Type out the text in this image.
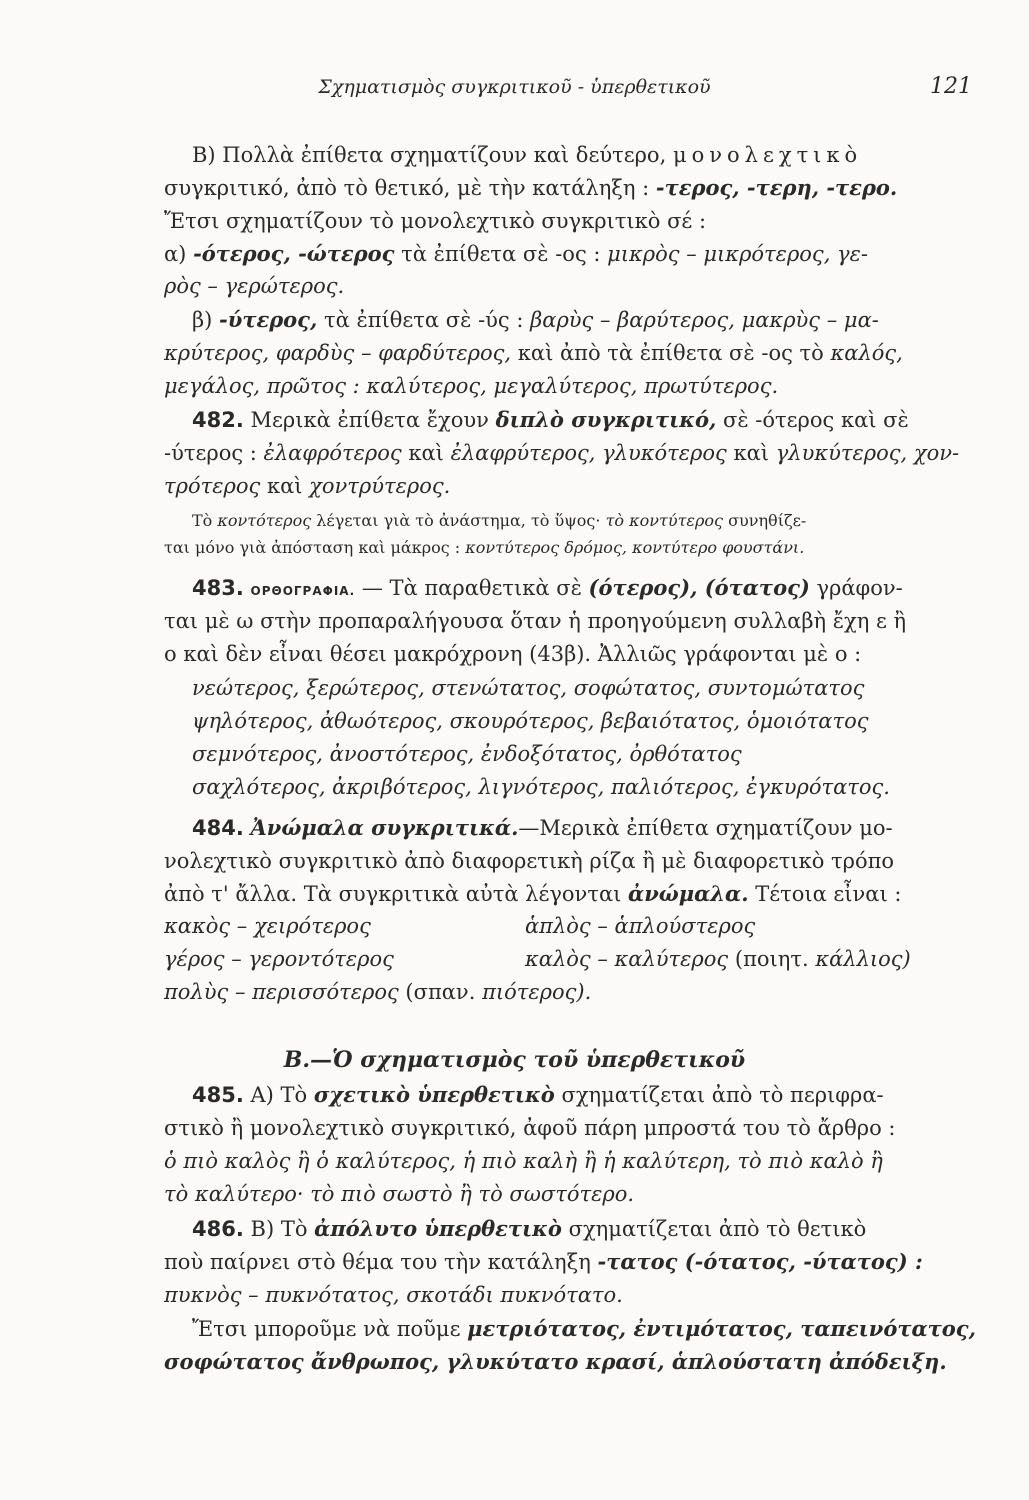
Σχηματισμὸς συγκριτικοῦ - ὑπερθετικοῦ	121
Β) Πολλὰ ἐπίθετα σχηματίζουν καὶ δεύτερο, μονολεχτικὸ
συγκριτικό, ἀπὸ τὸ θετικό, μὲ τὴν κατάληξη : -τερος, -τερη, -τερο.
Ἔτσι σχηματίζουν τὸ μονολεχτικὸ συγκριτικὸ σέ :
α) -ότερος, -ώτερος τὰ ἐπίθετα σὲ -ος : μικρὸς – μικρότερος, γε-
ρὸς – γερώτερος.
β) -ύτερος, τὰ ἐπίθετα σὲ -ύς : βαρὺς – βαρύτερος, μακρὺς – μα-
κρύτερος, φαρδὺς – φαρδύτερος, καὶ ἀπὸ τὰ ἐπίθετα σὲ -ος τὸ καλός,
μεγάλος, πρῶτος : καλύτερος, μεγαλύτερος, πρωτύτερος.
482. Μερικὰ ἐπίθετα ἔχουν διπλὸ συγκριτικό, σὲ -ότερος καὶ σὲ
-ύτερος : ἐλαφρότερος καὶ ἐλαφρύτερος, γλυκότερος καὶ γλυκύτερος, χον-
τρότερος καὶ χοντρύτερος.
Τὸ κοντότερος λέγεται γιὰ τὸ ἀνάστημα, τὸ ὕψος· τὸ κοντύτερος συνηθίζε-
ται μόνο γιὰ ἀπόσταση καὶ μάκρος : κοντύτερος δρόμος, κοντύτερο φουστάνι.
483. ΟΡΘΟΓΡΑΦΙΑ. — Τὰ παραθετικὰ σὲ (ότερος), (ότατος) γράφον-
ται μὲ ω στὴν προπαραλήγουσα ὅταν ἡ προηγούμενη συλλαβὴ ἔχη ε ἢ
ο καὶ δὲν εἶναι θέσει μακρόχρονη (43β). Ἀλλιῶς γράφονται μὲ ο :
νεώτερος, ξερώτερος, στενώτατος, σοφώτατος, συντομώτατος
ψηλότερος, ἀθωότερος, σκουρότερος, βεβαιότατος, ὁμοιότατος
σεμνότερος, ἀνοστότερος, ἐνδοξότατος, ὀρθότατος
σαχλότερος, ἀκριβότερος, λιγνότερος, παλιότερος, ἐγκυρότατος.
484. Ἀνώμαλα συγκριτικά.—Μερικὰ ἐπίθετα σχηματίζουν μο-
νολεχτικὸ συγκριτικὸ ἀπὸ διαφορετικὴ ρίζα ἢ μὲ διαφορετικὸ τρόπο
ἀπὸ τ' ἄλλα. Τὰ συγκριτικὰ αὐτὰ λέγονται ἀνώμαλα. Τέτοια εἶναι :
κακὸς – χειρότερος
γέρος – γεροντότερος
πολὺς – περισσότερος (σπαν. πιότερος).
ἁπλὸς – ἁπλούστερος
καλὸς – καλύτερος (ποιητ. κάλλιος)
Β.—Ὁ σχηματισμὸς τοῦ ὑπερθετικοῦ
485. Α) Τὸ σχετικὸ ὑπερθετικὸ σχηματίζεται ἀπὸ τὸ περιφρα-
στικὸ ἢ μονολεχτικὸ συγκριτικό, ἀφοῦ πάρη μπροστά του τὸ ἄρθρο :
ὁ πιὸ καλὸς ἢ ὁ καλύτερος, ἡ πιὸ καλὴ ἢ ἡ καλύτερη, τὸ πιὸ καλὸ ἢ
τὸ καλύτερο· τὸ πιὸ σωστὸ ἢ τὸ σωστότερο.
486. Β) Τὸ ἀπόλυτο ὑπερθετικὸ σχηματίζεται ἀπὸ τὸ θετικὸ
ποὺ παίρνει στὸ θέμα του τὴν κατάληξη -τατος (-ότατος, -ύτατος) :
πυκνὸς – πυκνότατος, σκοτάδι πυκνότατο.
Ἔτσι μποροῦμε νὰ ποῦμε μετριότατος, ἐντιμότατος, ταπεινότατος,
σοφώτατος ἄνθρωπος, γλυκύτατο κρασί, ἁπλούστατη ἀπόδειξη.
